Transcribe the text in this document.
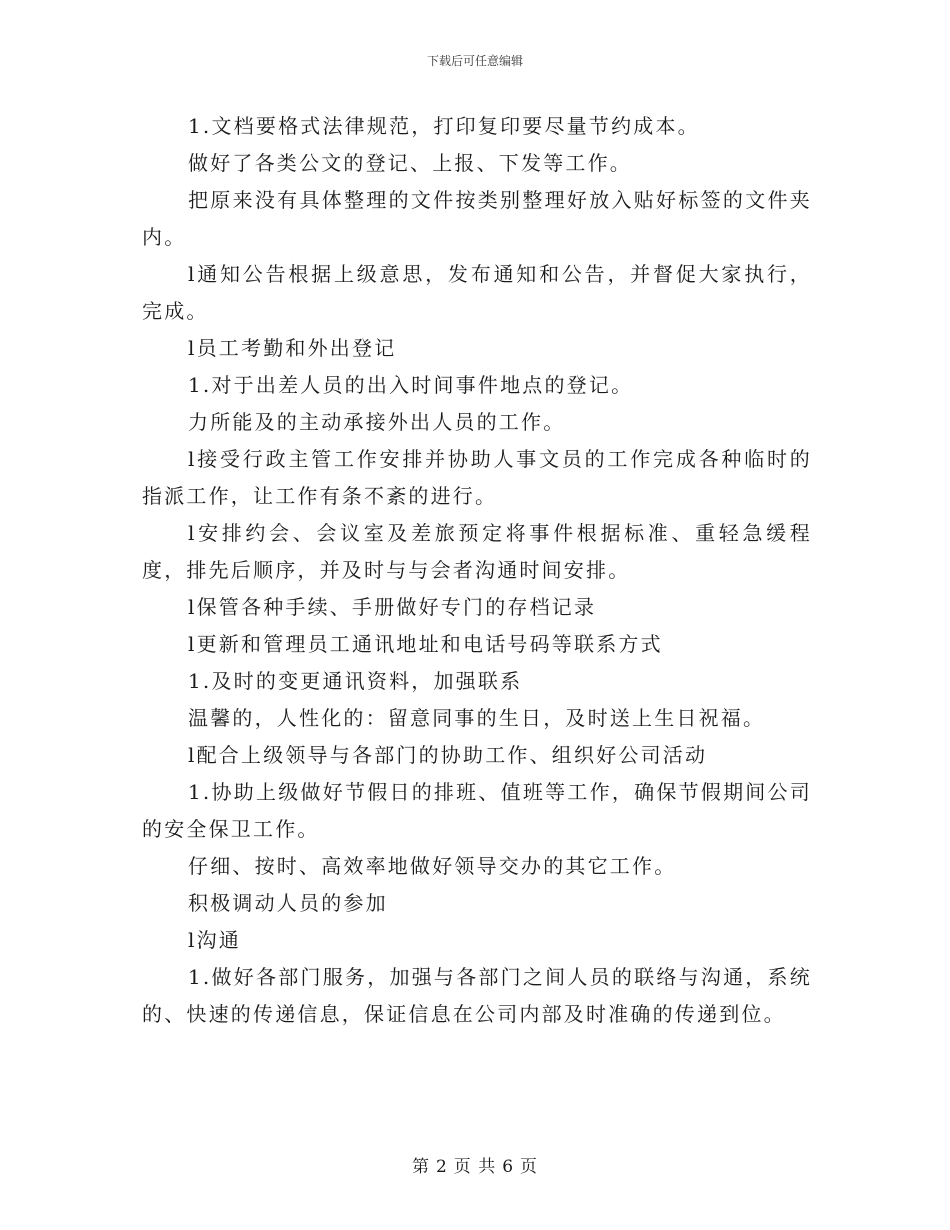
下载后可任意编辑

1.文档要格式法律规范，打印复印要尽量节约成本。

做好了各类公文的登记、上报、下发等工作。

把原来没有具体整理的文件按类别整理好放入贴好标签的文件夹内。

l通知公告根据上级意思，发布通知和公告，并督促大家执行，完成。

l员工考勤和外出登记

1.对于出差人员的出入时间事件地点的登记。

力所能及的主动承接外出人员的工作。

l接受行政主管工作安排并协助人事文员的工作完成各种临时的指派工作，让工作有条不紊的进行。

l安排约会、会议室及差旅预定将事件根据标准、重轻急缓程度，排先后顺序，并及时与与会者沟通时间安排。

l保管各种手续、手册做好专门的存档记录

l更新和管理员工通讯地址和电话号码等联系方式

1.及时的变更通讯资料，加强联系

温馨的，人性化的：留意同事的生日，及时送上生日祝福。

l配合上级领导与各部门的协助工作、组织好公司活动

1.协助上级做好节假日的排班、值班等工作，确保节假期间公司的安全保卫工作。

仔细、按时、高效率地做好领导交办的其它工作。

积极调动人员的参加

l沟通

1.做好各部门服务，加强与各部门之间人员的联络与沟通，系统的、快速的传递信息，保证信息在公司内部及时准确的传递到位。

第 2 页 共 6 页
